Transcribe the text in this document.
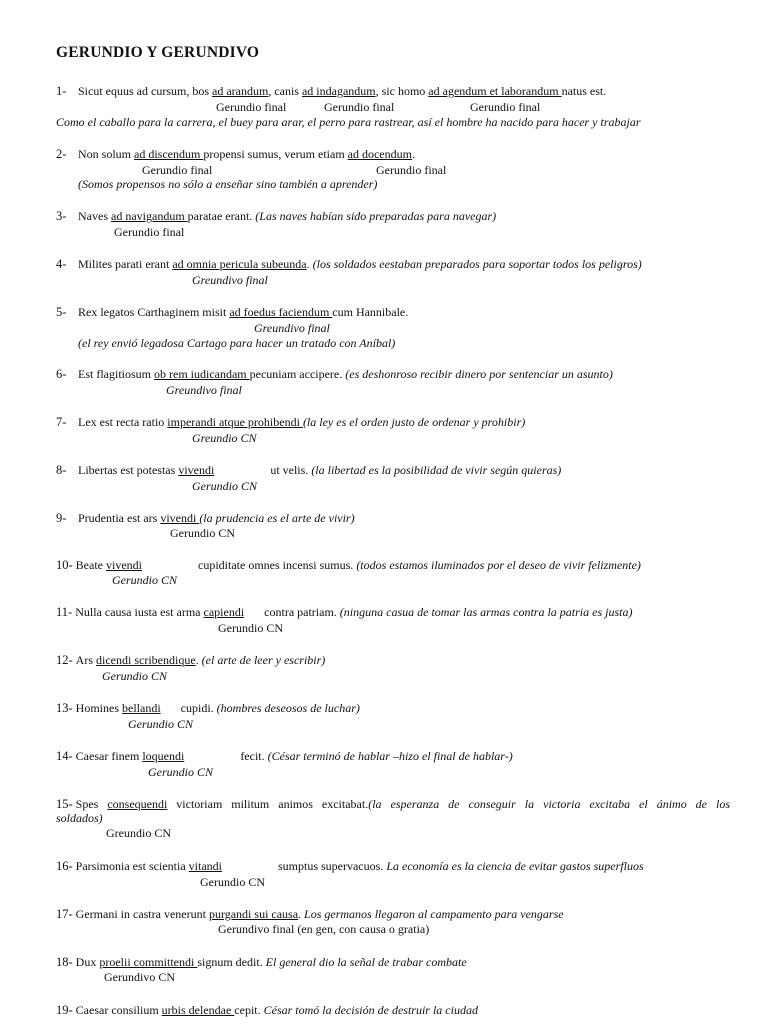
GERUNDIO Y GERUNDIVO
1- Sicut equus ad cursum, bos ad arandum, canis ad indagandum, sic homo ad agendum et laborandum natus est.
Gerundio final	Gerundio final	Gerundio final
Como el caballo para la carrera, el buey para arar, el perro para rastrear, así el hombre ha nacido para hacer y trabajar
2- Non solum ad discendum propensi sumus, verum etiam ad docendum.
Gerundio final	Gerundio final
(Somos propensos no sólo a enseñar sino también a aprender)
3- Naves ad navigandum paratae erant. (Las naves habían sido preparadas para navegar)
Gerundio final
4- Milites parati erant ad omnia pericula subeunda. (los soldados eestaban preparados para soportar todos los peligros)
Greundivo final
5- Rex legatos Carthaginem misit ad foedus faciendum cum Hannibale.
Greundivo final
(el rey envió legadosa Cartago para hacer un tratado con Aníbal)
6- Est flagitiosum ob rem iudicandam pecuniam accipere. (es deshonroso recibir dinero por sentenciar un asunto)
Greundivo final
7- Lex est recta ratio imperandi atque prohibendi (la ley es el orden justo de ordenar y prohibir)
Greundio CN
8- Libertas est potestas vivendi	ut velis. (la libertad es la posibilidad de vivir según quieras)
Gerundio CN
9- Prudentia est ars vivendi (la prudencia es el arte de vivir)
Gerundio CN
10- Beate vivendi	cupiditate omnes incensi sumus. (todos estamos iluminados por el deseo de vivir felizmente)
Gerundio CN
11- Nulla causa iusta est arma capiendi contra patriam. (ninguna casua de tomar las armas contra la patria es justa)
Gerundio CN
12- Ars dicendi scribendique. (el arte de leer y escribir)
Gerundio CN
13- Homines bellandi cupidi. (hombres deseosos de luchar)
Gerundio CN
14- Caesar finem loquendi	fecit. (César terminó de hablar –hizo el final de hablar-)
Gerundio CN
15- Spes consequendi victoriam militum animos excitabat.(la esperanza de conseguir la victoria excitaba el ánimo de los soldados)
Greundio CN
16- Parsimonia est scientia vitandi	sumptus supervacuos. La economía es la ciencia de evitar gastos superfluos
Gerundio CN
17- Germani in castra venerunt purgandi sui causa. Los germanos llegaron al campamento para vengarse
Gerundivo final (en gen, con causa o gratia)
18- Dux proelii committendi signum dedit. El general dio la señal de trabar combate
Gerundivo CN
19- Caesar consilium urbis delendae cepit. César tomó la decisión de destruir la ciudad
